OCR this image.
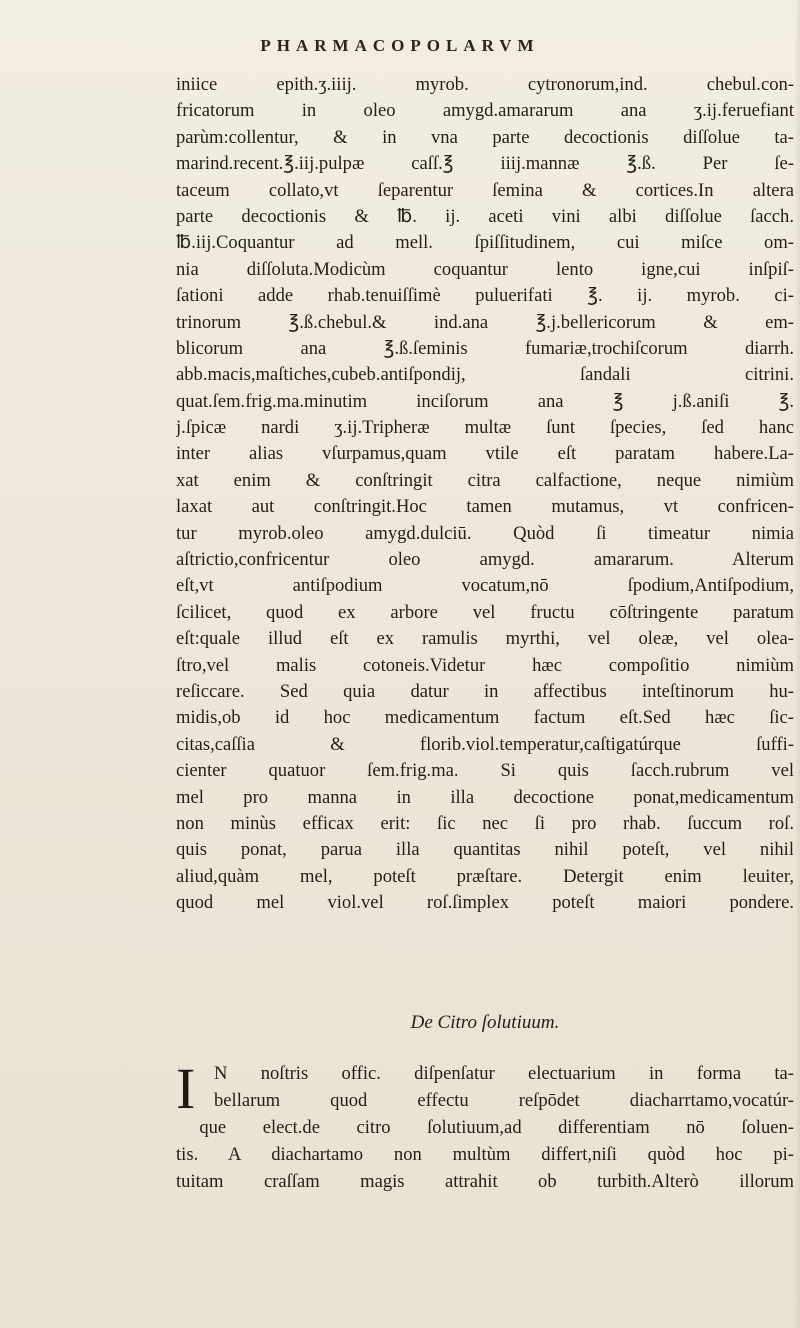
PHARMACOPOLARVM
iniice epith.ʒ.iiij. myrob. cytronorum,ind. chebul.con-
fricatorum in oleo amygd.amararum ana ʒ.ij.feruefiant
parùm:collentur, & in vna parte decoctionis diſſolue ta-
marind.recent.℥.iij.pulpæ caſſ.℥ iiij.mannæ ℥.ß. Per ſe-
taceum collato,vt ſeparentur ſemina & cortices.In altera
parte decoctionis & ℔. ij. aceti vini albi diſſolue ſacch.
℔.iij.Coquantur ad mell. ſpiſſitudinem, cui miſce om-
nia diſſoluta.Modicùm coquantur lento igne,cui inſpiſ-
ſationi adde rhab.tenuiſſimè puluerifati ℥. ij. myrob. ci-
trinorum ℥.ß.chebul.& ind.ana ℥.j.bellericorum & em-
blicorum ana ℥.ß.ſeminis fumariæ,trochiſcorum diarrh.
abb.macis,maſtiches,cubeb.antiſpondij, ſandali citrini.
quat.ſem.frig.ma.minutim inciſorum ana ℥ j.ß.aniſi ℥.
j.ſpicæ nardi ʒ.ij.Tripheræ multæ ſunt ſpecies, ſed hanc
inter alias vſurpamus,quam vtile eſt paratam habere.La-
xat enim & conſtringit citra calfactione, neque nimiùm
laxat aut conſtringit.Hoc tamen mutamus, vt confricen-
tur myrob.oleo amygd.dulciū. Quòd ſi timeatur nimia
aſtrictio,confricentur oleo amygd. amararum. Alterum
eſt,vt antiſpodium vocatum,nō ſpodium,Antiſpodium,
ſcilicet, quod ex arbore vel fructu cōſtringente paratum
eſt:quale illud eſt ex ramulis myrthi, vel oleæ, vel olea-
ſtro,vel malis cotoneis.Videtur hæc compoſitio nimiùm
reſiccare. Sed quia datur in affectibus inteſtinorum hu-
midis,ob id hoc medicamentum factum eſt.Sed hæc ſic-
citas,caſſia & florib.viol.temperatur,caſtigatúrque ſuffi-
cienter quatuor ſem.frig.ma. Si quis ſacch.rubrum vel
mel pro manna in illa decoctione ponat,medicamentum
non minùs efficax erit: ſic nec ſi pro rhab. ſuccum roſ.
quis ponat, parua illa quantitas nihil poteſt, vel nihil
aliud,quàm mel, poteſt præſtare. Detergit enim leuiter,
quod mel viol.vel roſ.ſimplex poteſt maiori pondere.
De Citro ſolutiuum.
I N noſtris offic. diſpenſatur electuarium in forma ta-
bellarum quod effectu reſpōdet diacharrtamo,vocatúr-
que elect.de citro ſolutiuum,ad differentiam nō ſoluen-
tis. A diachartamo non multùm differt,niſi quòd hoc pi-
tuitam craſſam magis attrahit ob turbith.Alterò illorum
